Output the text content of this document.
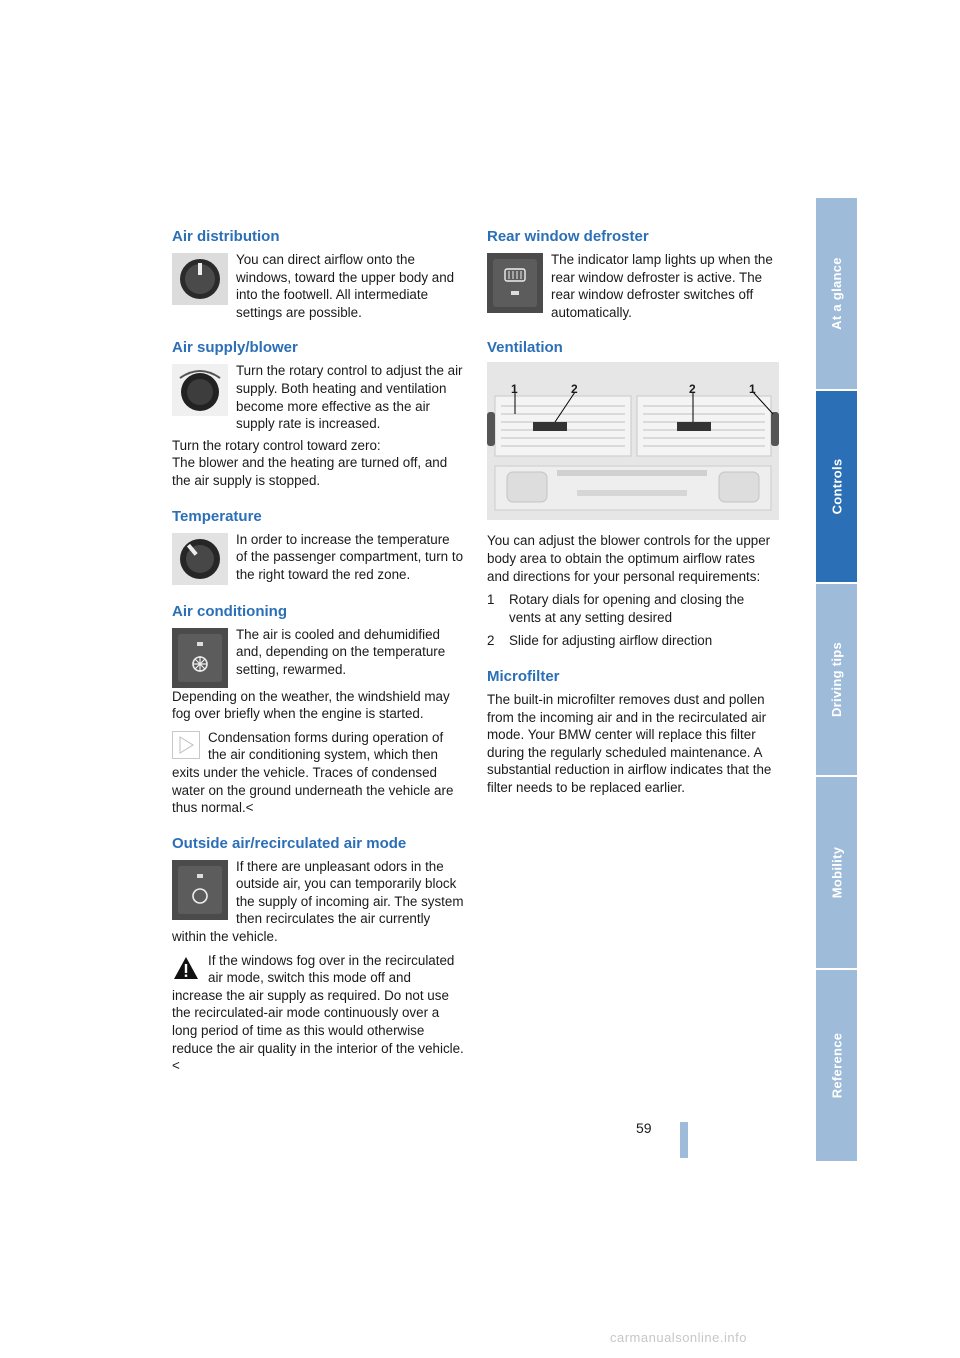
Air distribution

You can direct airflow onto the windows, toward the upper body and into the footwell. All intermediate settings are possible.

Air supply/blower

Turn the rotary control to adjust the air supply. Both heating and ventilation become more effective as the air supply rate is increased.

Turn the rotary control toward zero:

The blower and the heating are turned off, and the air supply is stopped.

Temperature

In order to increase the temperature of the passenger compartment, turn to the right toward the red zone.

Air conditioning

The air is cooled and dehumidified and, depending on the temperature setting, rewarmed.

Depending on the weather, the windshield may fog over briefly when the engine is started.

Condensation forms during operation of the air conditioning system, which then exits under the vehicle. Traces of condensed water on the ground underneath the vehicle are thus normal.<

Outside air/recirculated air mode

If there are unpleasant odors in the outside air, you can temporarily block the supply of incoming air. The system then recirculates the air currently within the vehicle.

If the windows fog over in the recirculated air mode, switch this mode off and increase the air supply as required. Do not use the recirculated-air mode continuously over a long period of time as this would otherwise reduce the air quality in the interior of the vehicle.<

Rear window defroster

The indicator lamp lights up when the rear window defroster is active. The rear window defroster switches off automatically.

Ventilation
1	2	2	1

You can adjust the blower controls for the upper body area to obtain the optimum airflow rates and directions for your personal requirements:

1	Rotary dials for opening and closing the vents at any setting desired
2	Slide for adjusting airflow direction
Microfilter

The built-in microfilter removes dust and pollen from the incoming air and in the recirculated air mode. Your BMW center will replace this filter during the regularly scheduled maintenance. A substantial reduction in airflow indicates that the filter needs to be replaced earlier.

At a glance
Controls
Driving tips
Mobility
Reference
59
carmanualsonline.info
